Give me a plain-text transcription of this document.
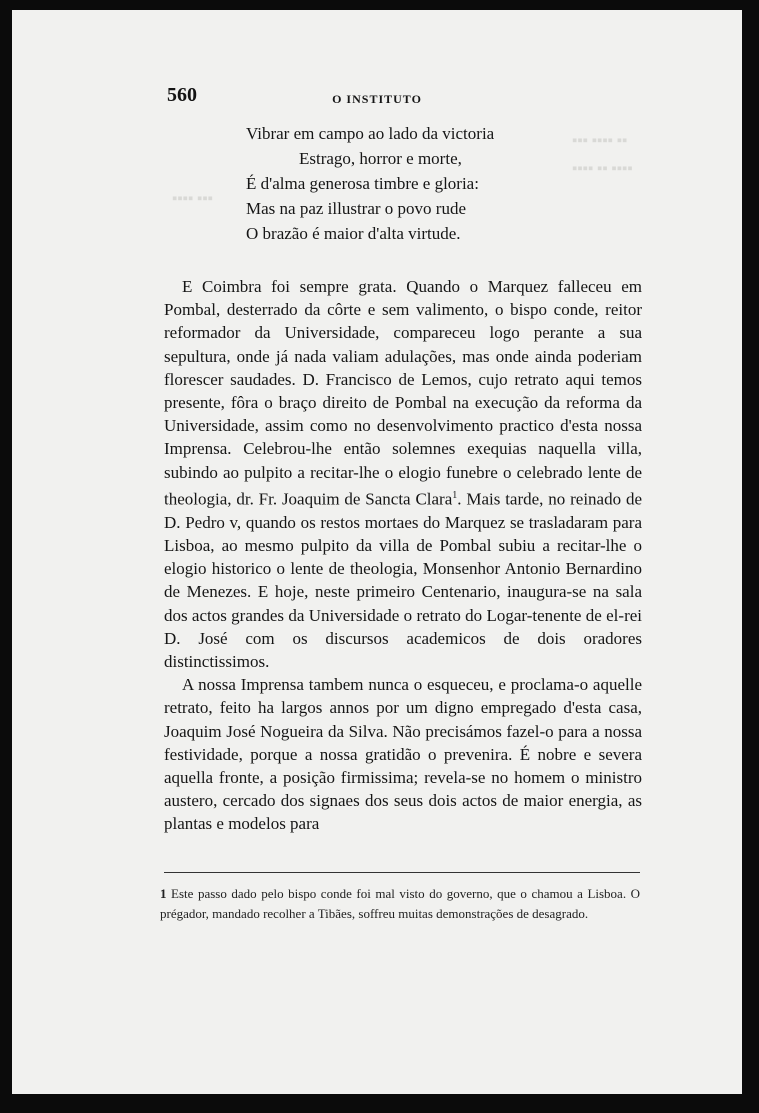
▪▪▪ ▪▪▪▪ ▪▪
▪▪▪▪ ▪▪ ▪▪▪▪
▪▪▪▪ ▪▪▪
560	O INSTITUTO
Vibrar em campo ao lado da victoria
Estrago, horror e morte,
É d'alma generosa timbre e gloria:
Mas na paz illustrar o povo rude
O brazão é maior d'alta virtude.

E Coimbra foi sempre grata. Quando o Marquez falleceu em Pombal, desterrado da côrte e sem valimento, o bispo conde, reitor reformador da Universidade, compareceu logo perante a sua sepultura, onde já nada valiam adulações, mas onde ainda poderiam florescer saudades. D. Francisco de Lemos, cujo retrato aqui temos presente, fôra o braço direito de Pombal na execução da reforma da Universidade, assim como no desenvolvimento practico d'esta nossa Imprensa. Celebrou-lhe então solemnes exequias naquella villa, subindo ao pulpito a recitar-lhe o elogio funebre o celebrado lente de theologia, dr. Fr. Joaquim de Sancta Clara$^1$. Mais tarde, no reinado de D. Pedro v, quando os restos mortaes do Marquez se trasladaram para Lisboa, ao mesmo pulpito da villa de Pombal subiu a recitar-lhe o elogio historico o lente de theologia, Monsenhor Antonio Bernardino de Menezes. E hoje, neste primeiro Centenario, inaugura-se na sala dos actos grandes da Universidade o retrato do Logar-tenente de el-rei D. José com os discursos academicos de dois oradores distinctissimos.

A nossa Imprensa tambem nunca o esqueceu, e proclama-o aquelle retrato, feito ha largos annos por um digno empregado d'esta casa, Joaquim José Nogueira da Silva. Não precisámos fazel-o para a nossa festividade, porque a nossa gratidão o prevenira. É nobre e severa aquella fronte, a posição firmissima; revela-se no homem o ministro austero, cercado dos signaes dos seus dois actos de maior energia, as plantas e modelos para

1 Este passo dado pelo bispo conde foi mal visto do governo, que o chamou a Lisboa. O prégador, mandado recolher a Tibães, soffreu muitas demonstrações de desagrado.
